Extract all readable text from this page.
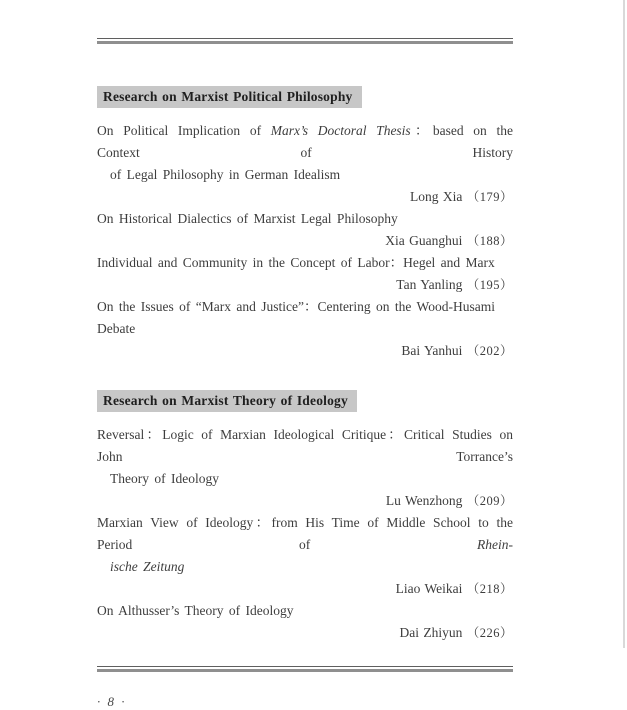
Research on Marxist Political Philosophy
On Political Implication of Marx’s Doctoral Thesis：based on the Context of History
of Legal Philosophy in German Idealism
Long Xia （179）
On Historical Dialectics of Marxist Legal Philosophy
Xia Guanghui （188）
Individual and Community in the Concept of Labor：Hegel and Marx
Tan Yanling （195）
On the Issues of “Marx and Justice”：Centering on the Wood-Husami Debate
Bai Yanhui （202）
Research on Marxist Theory of Ideology
Reversal：Logic of Marxian Ideological Critique：Critical Studies on John Torrance’s
Theory of Ideology
Lu Wenzhong （209）
Marxian View of Ideology：from His Time of Middle School to the Period of Rhein-
ische Zeitung
Liao Weikai （218）
On Althusser’s Theory of Ideology
Dai Zhiyun （226）
· 8 ·
